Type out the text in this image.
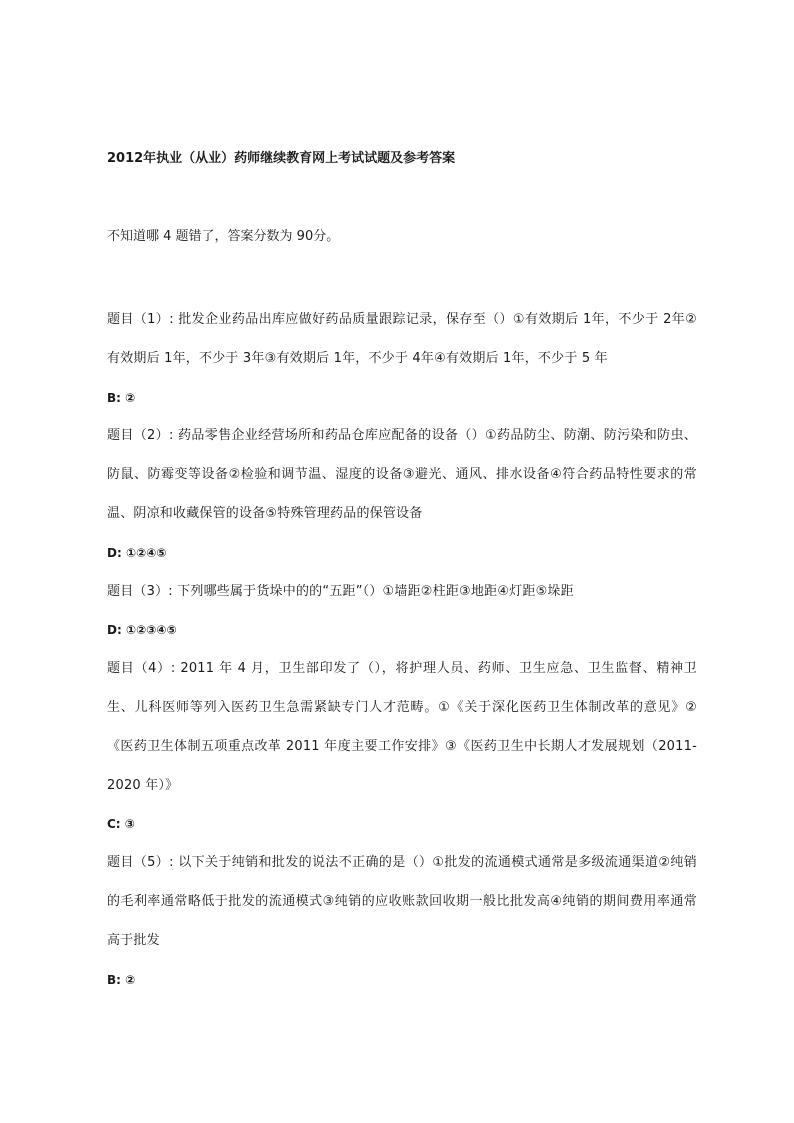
2012年执业（从业）药师继续教育网上考试试题及参考答案

不知道哪 4 题错了，答案分数为 90分。

题目（1）: 批发企业药品出库应做好药品质量跟踪记录，保存至（）①有效期后 1年，不少于 2年②有效期后 1年，不少于 3年③有效期后 1年，不少于 4年④有效期后 1年，不少于 5 年

B: ②

题目（2）: 药品零售企业经营场所和药品仓库应配备的设备（）①药品防尘、防潮、防污染和防虫、防鼠、防霉变等设备②检验和调节温、湿度的设备③避光、通风、排水设备④符合药品特性要求的常温、阴凉和收藏保管的设备⑤特殊管理药品的保管设备

D: ①②④⑤

题目（3）: 下列哪些属于货垛中的的“五距”（）①墙距②柱距③地距④灯距⑤垛距

D: ①②③④⑤

题目（4）: 2011 年 4 月，卫生部印发了（），将护理人员、药师、卫生应急、卫生监督、精神卫生、儿科医师等列入医药卫生急需紧缺专门人才范畴。①《关于深化医药卫生体制改革的意见》②《医药卫生体制五项重点改革 2011 年度主要工作安排》③《医药卫生中长期人才发展规划（2011-2020 年）》

C: ③

题目（5）: 以下关于纯销和批发的说法不正确的是（）①批发的流通模式通常是多级流通渠道②纯销的毛利率通常略低于批发的流通模式③纯销的应收账款回收期一般比批发高④纯销的期间费用率通常高于批发

B: ②
